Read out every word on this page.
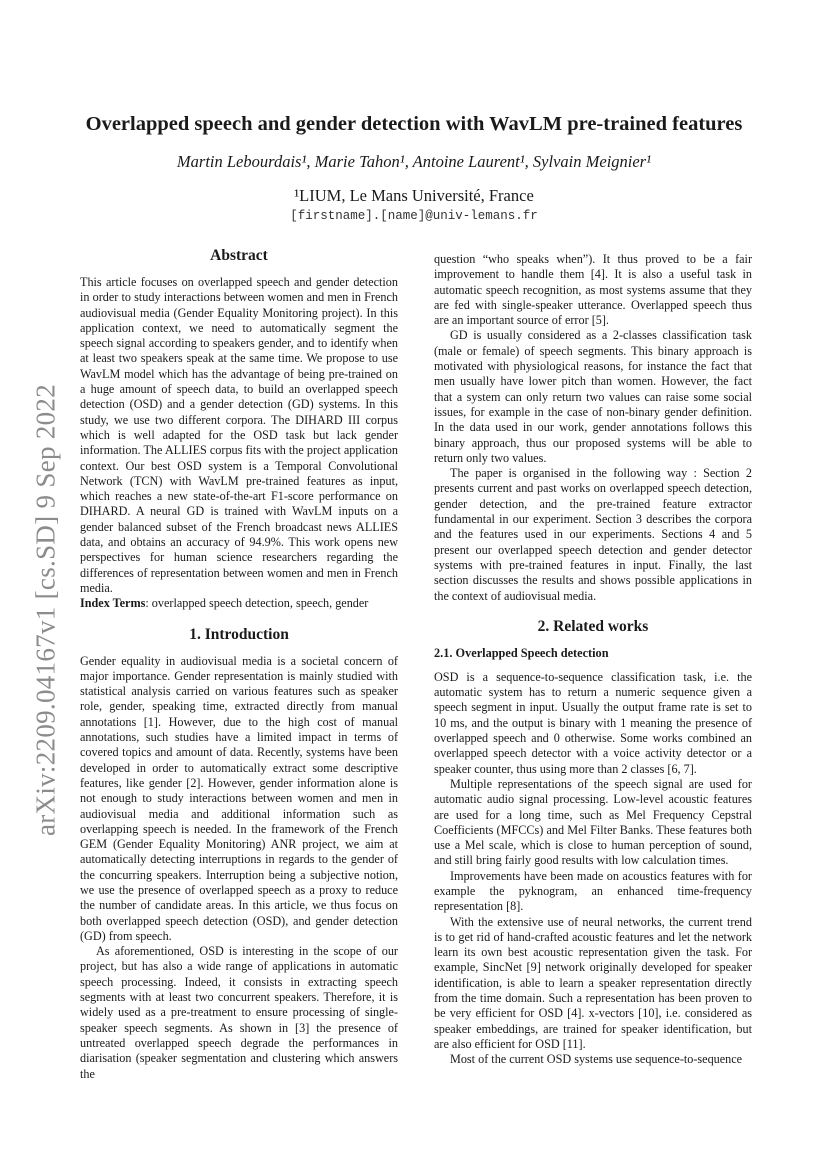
arXiv:2209.04167v1 [cs.SD] 9 Sep 2022
Overlapped speech and gender detection with WavLM pre-trained features
Martin Lebourdais¹, Marie Tahon¹, Antoine Laurent¹, Sylvain Meignier¹
¹LIUM, Le Mans Université, France
[firstname].[name]@univ-lemans.fr
Abstract

This article focuses on overlapped speech and gender detection in order to study interactions between women and men in French audiovisual media (Gender Equality Monitoring project). In this application context, we need to automatically segment the speech signal according to speakers gender, and to identify when at least two speakers speak at the same time. We propose to use WavLM model which has the advantage of being pre-trained on a huge amount of speech data, to build an overlapped speech detection (OSD) and a gender detection (GD) systems. In this study, we use two different corpora. The DIHARD III corpus which is well adapted for the OSD task but lack gender information. The ALLIES corpus fits with the project application context. Our best OSD system is a Temporal Convolutional Network (TCN) with WavLM pre-trained features as input, which reaches a new state-of-the-art F1-score performance on DIHARD. A neural GD is trained with WavLM inputs on a gender balanced subset of the French broadcast news ALLIES data, and obtains an accuracy of 94.9%. This work opens new perspectives for human science researchers regarding the differences of representation between women and men in French media.

Index Terms: overlapped speech detection, speech, gender

1. Introduction

Gender equality in audiovisual media is a societal concern of major importance. Gender representation is mainly studied with statistical analysis carried on various features such as speaker role, gender, speaking time, extracted directly from manual annotations [1]. However, due to the high cost of manual annotations, such studies have a limited impact in terms of covered topics and amount of data. Recently, systems have been developed in order to automatically extract some descriptive features, like gender [2]. However, gender information alone is not enough to study interactions between women and men in audiovisual media and additional information such as overlapping speech is needed. In the framework of the French GEM (Gender Equality Monitoring) ANR project, we aim at automatically detecting interruptions in regards to the gender of the concurring speakers. Interruption being a subjective notion, we use the presence of overlapped speech as a proxy to reduce the number of candidate areas. In this article, we thus focus on both overlapped speech detection (OSD), and gender detection (GD) from speech.

As aforementioned, OSD is interesting in the scope of our project, but has also a wide range of applications in automatic speech processing. Indeed, it consists in extracting speech segments with at least two concurrent speakers. Therefore, it is widely used as a pre-treatment to ensure processing of single-speaker speech segments. As shown in [3] the presence of untreated overlapped speech degrade the performances in diarisation (speaker segmentation and clustering which answers the

question “who speaks when”). It thus proved to be a fair improvement to handle them [4]. It is also a useful task in automatic speech recognition, as most systems assume that they are fed with single-speaker utterance. Overlapped speech thus are an important source of error [5].

GD is usually considered as a 2-classes classification task (male or female) of speech segments. This binary approach is motivated with physiological reasons, for instance the fact that men usually have lower pitch than women. However, the fact that a system can only return two values can raise some social issues, for example in the case of non-binary gender definition. In the data used in our work, gender annotations follows this binary approach, thus our proposed systems will be able to return only two values.

The paper is organised in the following way : Section 2 presents current and past works on overlapped speech detection, gender detection, and the pre-trained feature extractor fundamental in our experiment. Section 3 describes the corpora and the features used in our experiments. Sections 4 and 5 present our overlapped speech detection and gender detector systems with pre-trained features in input. Finally, the last section discusses the results and shows possible applications in the context of audiovisual media.

2. Related works
2.1. Overlapped Speech detection

OSD is a sequence-to-sequence classification task, i.e. the automatic system has to return a numeric sequence given a speech segment in input. Usually the output frame rate is set to 10 ms, and the output is binary with 1 meaning the presence of overlapped speech and 0 otherwise. Some works combined an overlapped speech detector with a voice activity detector or a speaker counter, thus using more than 2 classes [6, 7].

Multiple representations of the speech signal are used for automatic audio signal processing. Low-level acoustic features are used for a long time, such as Mel Frequency Cepstral Coefficients (MFCCs) and Mel Filter Banks. These features both use a Mel scale, which is close to human perception of sound, and still bring fairly good results with low calculation times.

Improvements have been made on acoustics features with for example the pyknogram, an enhanced time-frequency representation [8].

With the extensive use of neural networks, the current trend is to get rid of hand-crafted acoustic features and let the network learn its own best acoustic representation given the task. For example, SincNet [9] network originally developed for speaker identification, is able to learn a speaker representation directly from the time domain. Such a representation has been proven to be very efficient for OSD [4]. x-vectors [10], i.e. considered as speaker embeddings, are trained for speaker identification, but are also efficient for OSD [11].

Most of the current OSD systems use sequence-to-sequence
